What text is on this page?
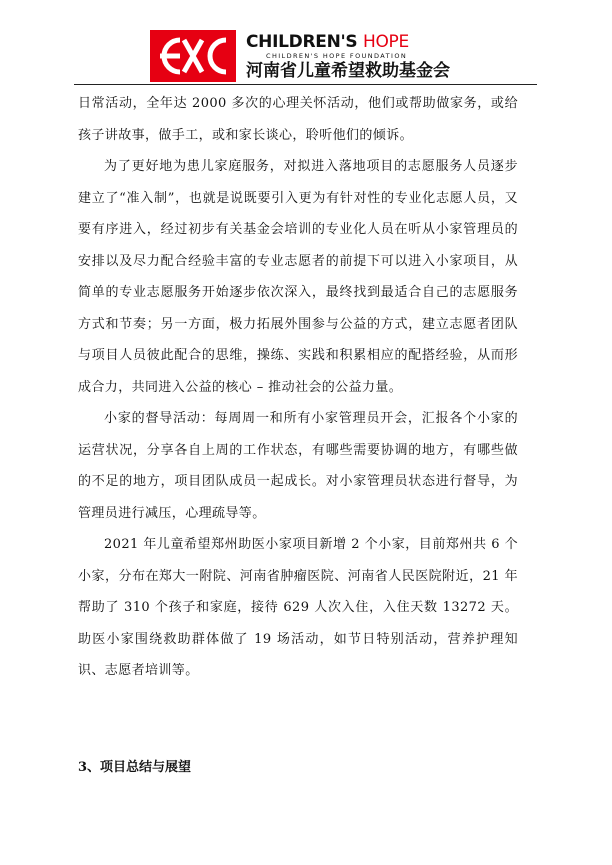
CHILDREN'S HOPE
CHILDREN'S HOPE FOUNDATION
河南省儿童希望救助基金会

日常活动，全年达 2000 多次的心理关怀活动，他们或帮助做家务，或给孩子讲故事，做手工，或和家长谈心，聆听他们的倾诉。

为了更好地为患儿家庭服务，对拟进入落地项目的志愿服务人员逐步建立了“准入制”，也就是说既要引入更为有针对性的专业化志愿人员，又要有序进入，经过初步有关基金会培训的专业化人员在听从小家管理员的安排以及尽力配合经验丰富的专业志愿者的前提下可以进入小家项目，从简单的专业志愿服务开始逐步依次深入，最终找到最适合自己的志愿服务方式和节奏；另一方面，极力拓展外围参与公益的方式，建立志愿者团队与项目人员彼此配合的思维，操练、实践和积累相应的配搭经验，从而形成合力，共同进入公益的核心 – 推动社会的公益力量。

小家的督导活动：每周周一和所有小家管理员开会，汇报各个小家的运营状况，分享各自上周的工作状态，有哪些需要协调的地方，有哪些做的不足的地方，项目团队成员一起成长。对小家管理员状态进行督导，为管理员进行减压，心理疏导等。

2021 年儿童希望郑州助医小家项目新增 2 个小家，目前郑州共 6 个小家，分布在郑大一附院、河南省肿瘤医院、河南省人民医院附近，21 年帮助了 310 个孩子和家庭，接待 629 人次入住，入住天数 13272 天。助医小家围绕救助群体做了 19 场活动，如节日特别活动，营养护理知识、志愿者培训等。

3、项目总结与展望
